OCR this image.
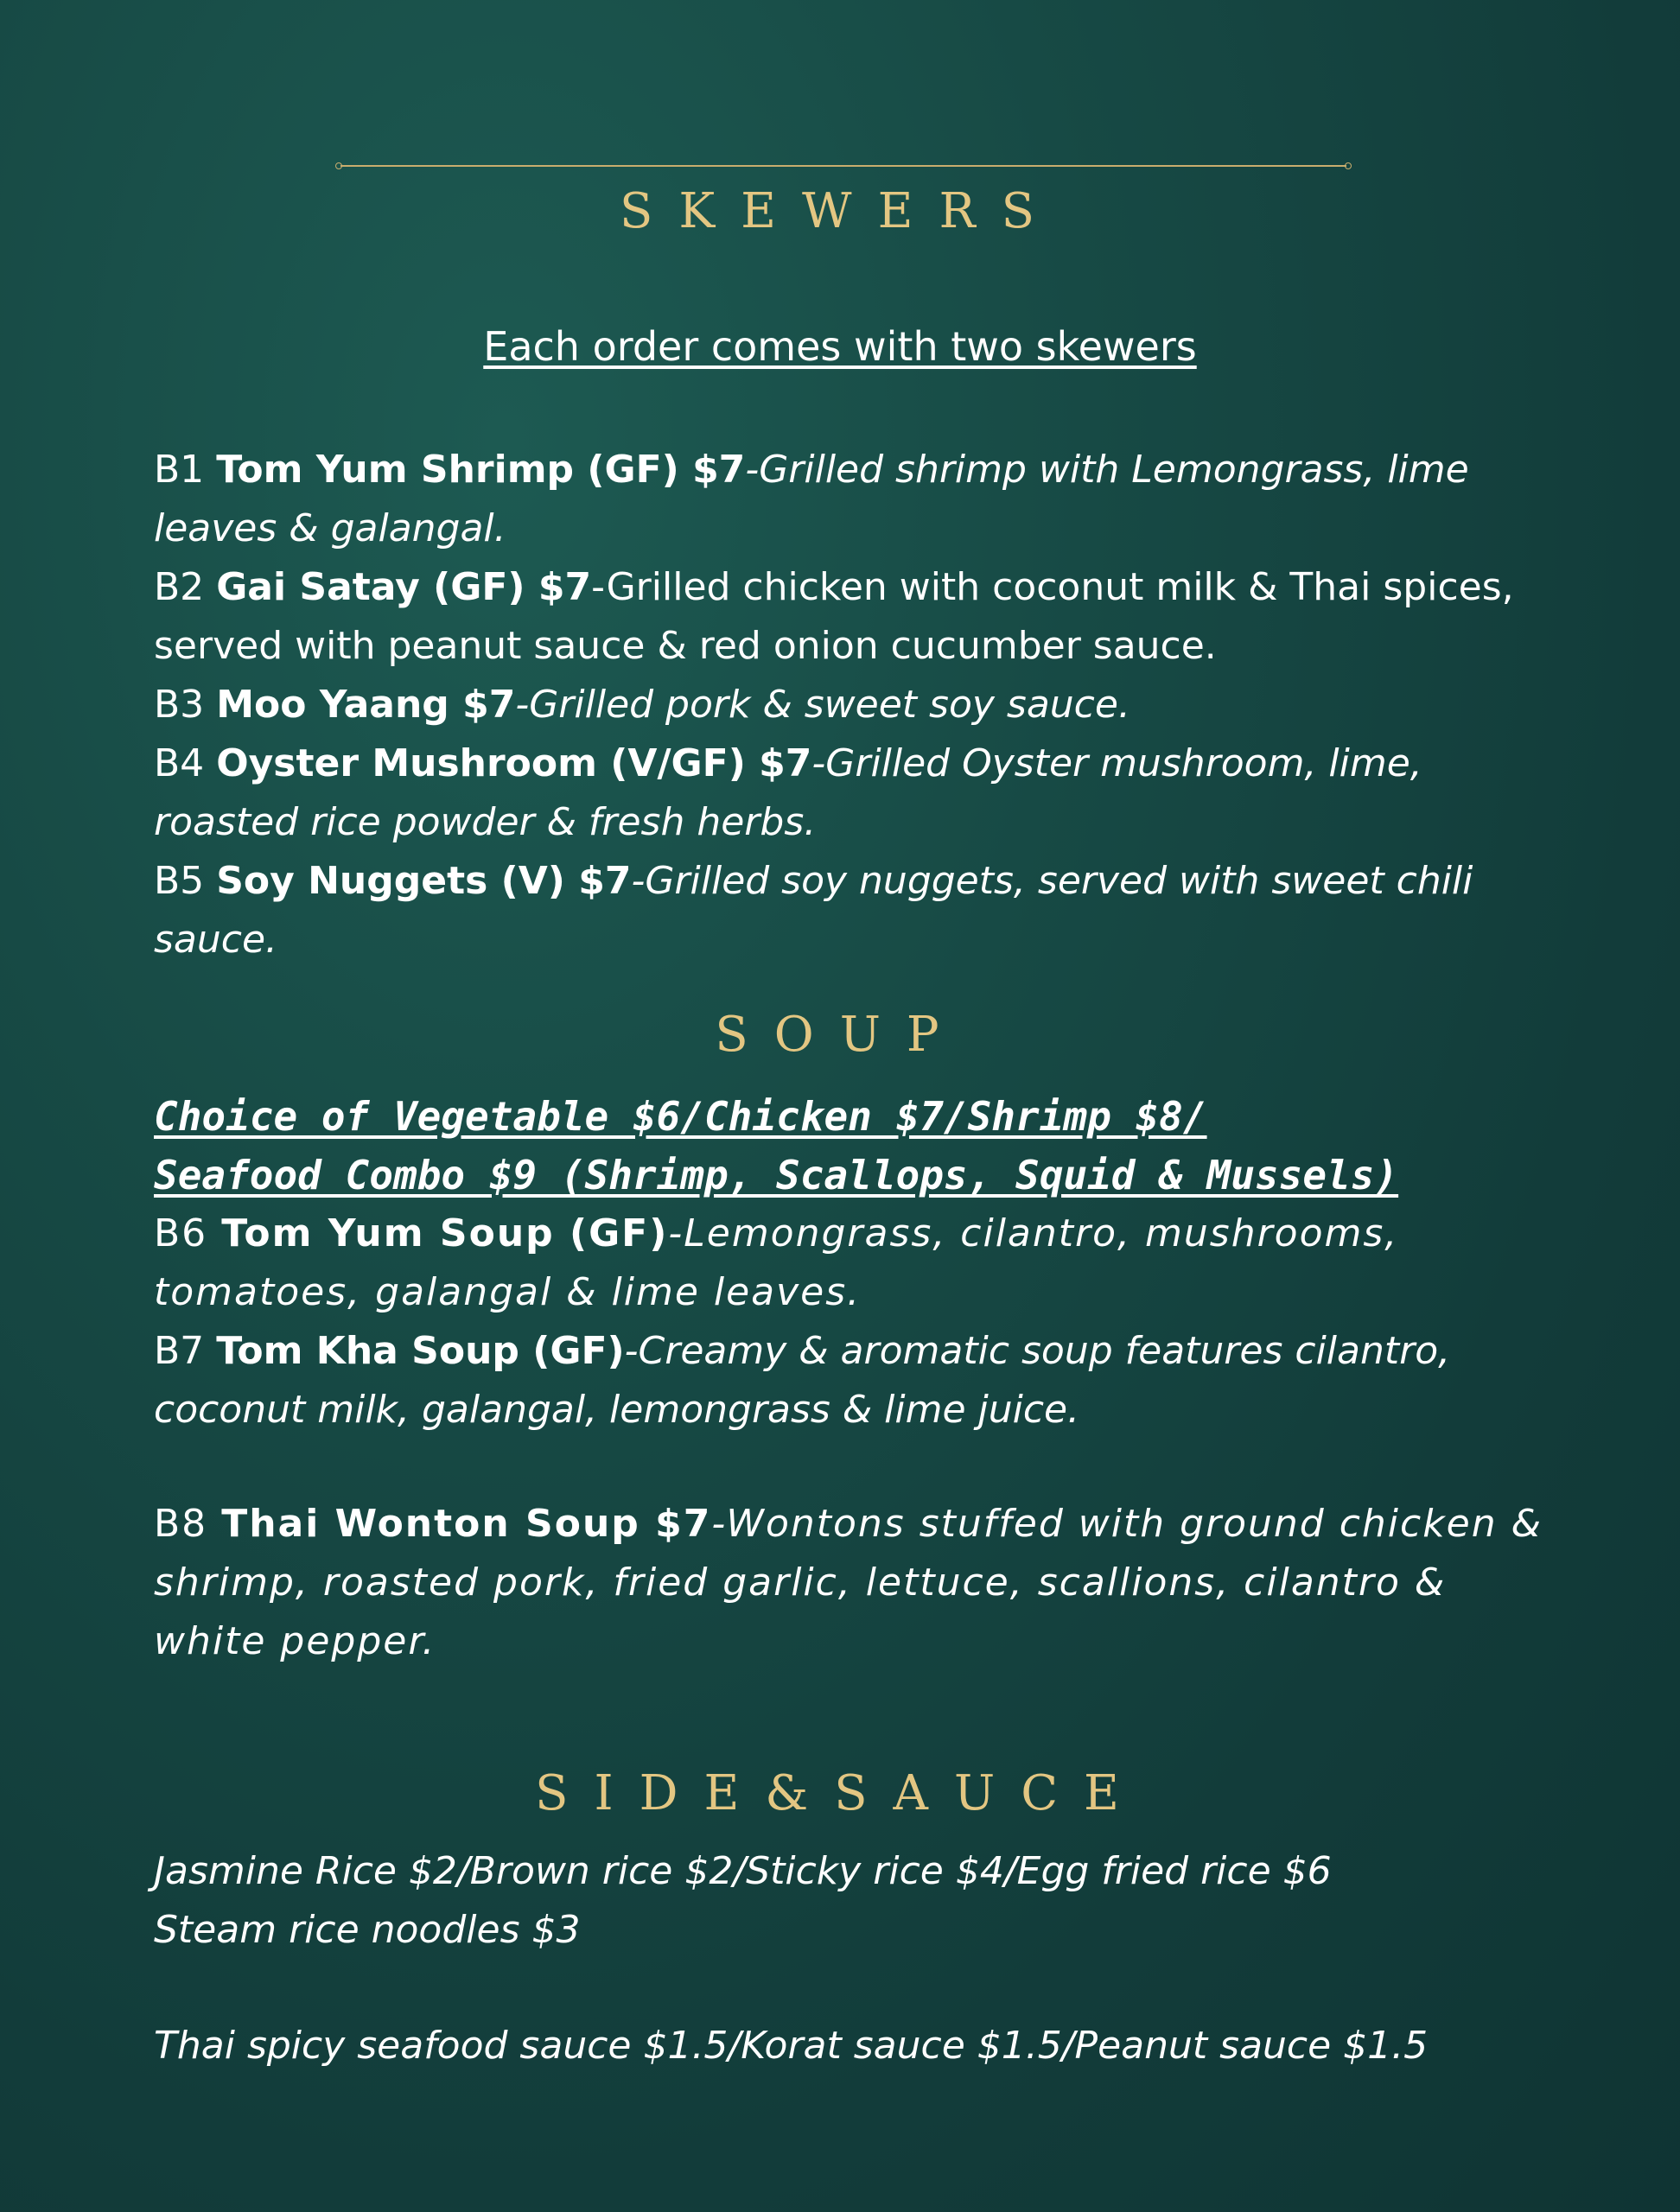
SKEWERS

Each order comes with two skewers

B1 Tom Yum Shrimp (GF) $7-Grilled shrimp with Lemongrass, lime leaves & galangal.

B2 Gai Satay (GF) $7-Grilled chicken with coconut milk & Thai spices, served with peanut sauce & red onion cucumber sauce.

B3 Moo Yaang $7-Grilled pork & sweet soy sauce.

B4 Oyster Mushroom (V/GF) $7-Grilled Oyster mushroom, lime, roasted rice powder & fresh herbs.

B5 Soy Nuggets (V) $7-Grilled soy nuggets, served with sweet chili sauce.

SOUP

Choice of Vegetable $6/Chicken $7/Shrimp $8/

Seafood Combo $9 (Shrimp, Scallops, Squid & Mussels)

B6 Tom Yum Soup (GF)-Lemongrass, cilantro, mushrooms, tomatoes, galangal & lime leaves.

B7 Tom Kha Soup (GF)-Creamy & aromatic soup features cilantro, coconut milk, galangal, lemongrass & lime juice.

B8 Thai Wonton Soup $7-Wontons stuffed with ground chicken & shrimp, roasted pork, fried garlic, lettuce, scallions, cilantro & white pepper.

SIDE&SAUCE

Jasmine Rice $2/Brown rice $2/Sticky rice $4/Egg fried rice $6

Steam rice noodles $3

Thai spicy seafood sauce $1.5/Korat sauce $1.5/Peanut sauce $1.5
